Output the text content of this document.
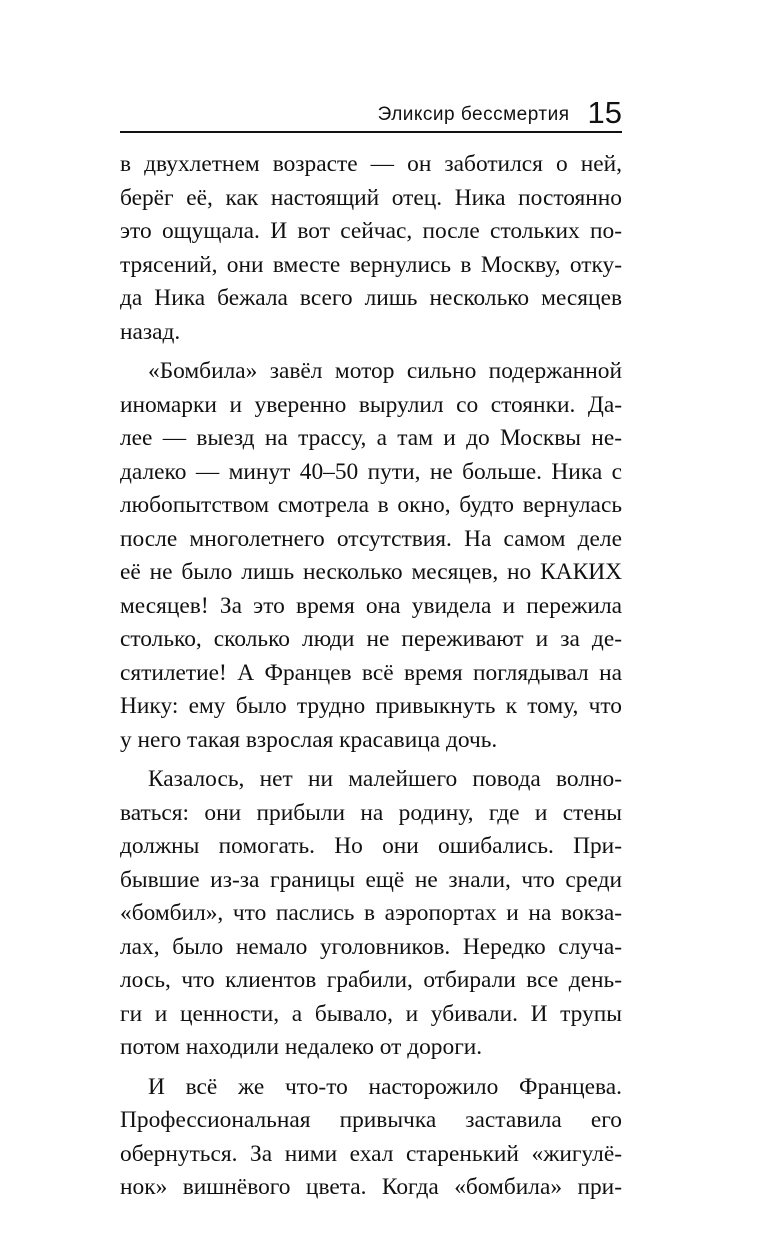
Эликсир бессмертия 15
в двухлетнем возрасте — он заботился о ней,
берёг её, как настоящий отец. Ника постоянно
это ощущала. И вот сейчас, после стольких по-
трясений, они вместе вернулись в Москву, отку-
да Ника бежала всего лишь несколько месяцев
назад.
«Бомбила» завёл мотор сильно подержанной
иномарки и уверенно вырулил со стоянки. Да-
лее — выезд на трассу, а там и до Москвы не-
далеко — минут 40–50 пути, не больше. Ника с
любопытством смотрела в окно, будто вернулась
после многолетнего отсутствия. На самом деле
её не было лишь несколько месяцев, но КАКИХ
месяцев! За это время она увидела и пережила
столько, сколько люди не переживают и за де-
сятилетие! А Францев всё время поглядывал на
Нику: ему было трудно привыкнуть к тому, что
у него такая взрослая красавица дочь.
Казалось, нет ни малейшего повода волно-
ваться: они прибыли на родину, где и стены
должны помогать. Но они ошибались. При-
бывшие из-за границы ещё не знали, что среди
«бомбил», что паслись в аэропортах и на вокза-
лах, было немало уголовников. Нередко случа-
лось, что клиентов грабили, отбирали все день-
ги и ценности, а бывало, и убивали. И трупы
потом находили недалеко от дороги.
И всё же что-то насторожило Францева.
Профессиональная привычка заставила его
обернуться. За ними ехал старенький «жигулё-
нок» вишнёвого цвета. Когда «бомбила» при-
